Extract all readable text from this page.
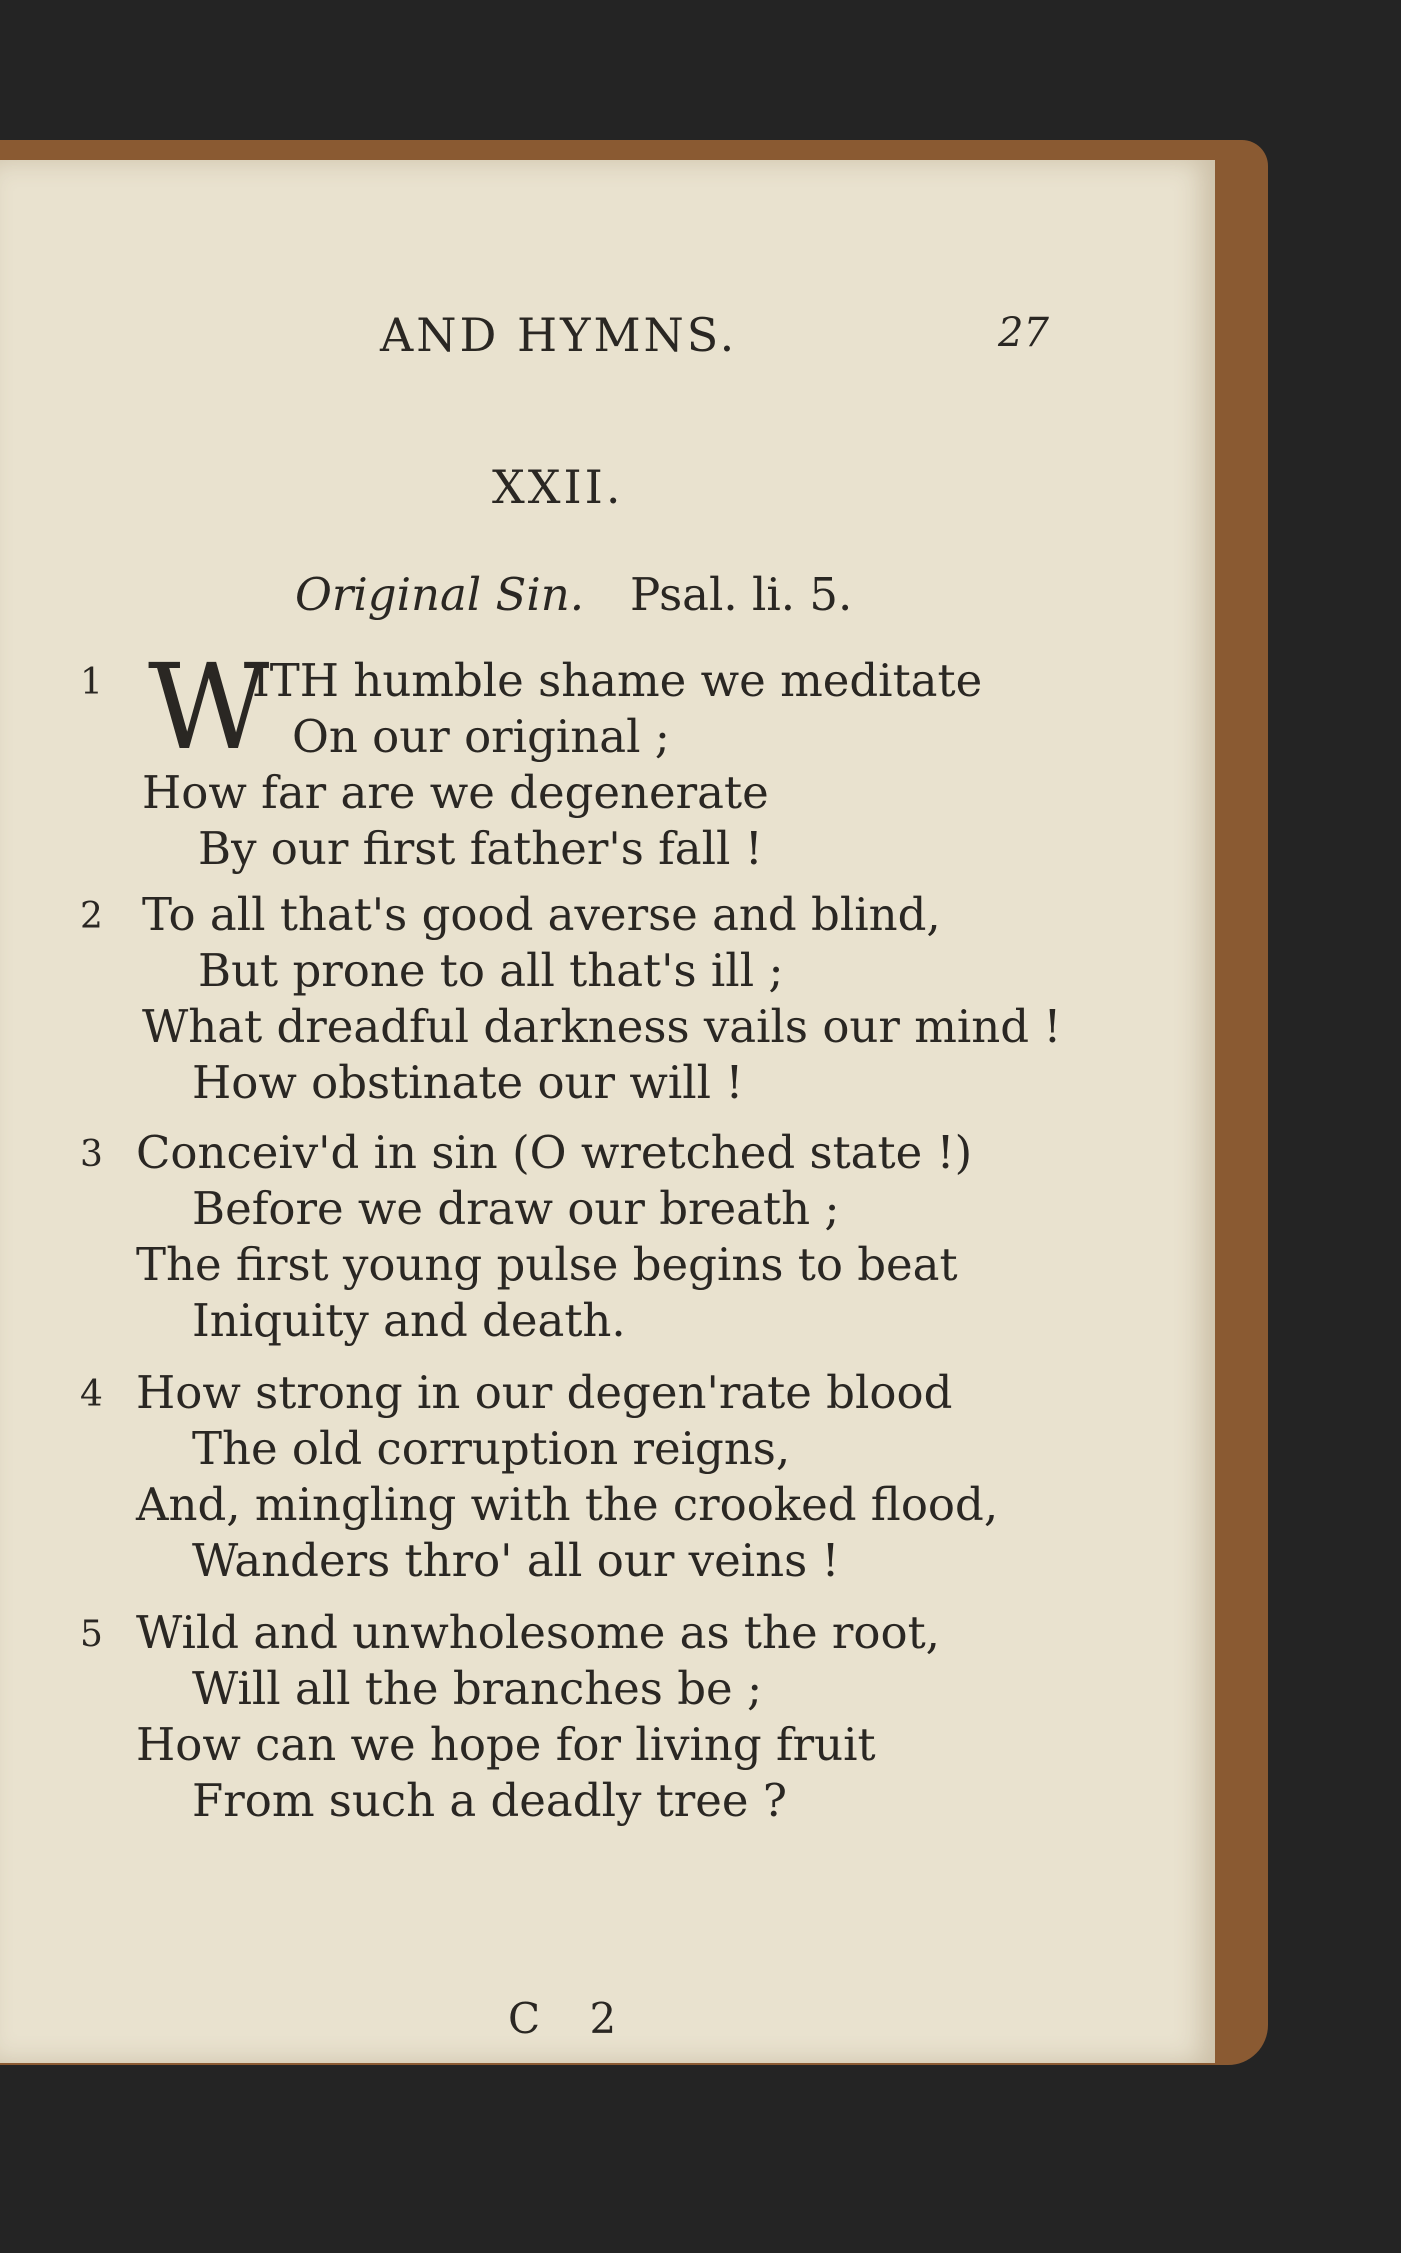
AND HYMNS.	27
XXII.
Original Sin. Psal. li. 5.
1 W
ITH humble shame we meditate
On our original ;
How far are we degenerate
By our first father's fall !
2 To all that's good averse and blind,
But prone to all that's ill ;
What dreadful darkness vails our mind !
How obstinate our will !
3 Conceiv'd in sin (O wretched state !)
Before we draw our breath ;
The first young pulse begins to beat
Iniquity and death.
4 How strong in our degen'rate blood
The old corruption reigns,
And, mingling with the crooked flood,
Wanders thro' all our veins !
5 Wild and unwholesome as the root,
Will all the branches be ;
How can we hope for living fruit
From such a deadly tree ?
C 2
